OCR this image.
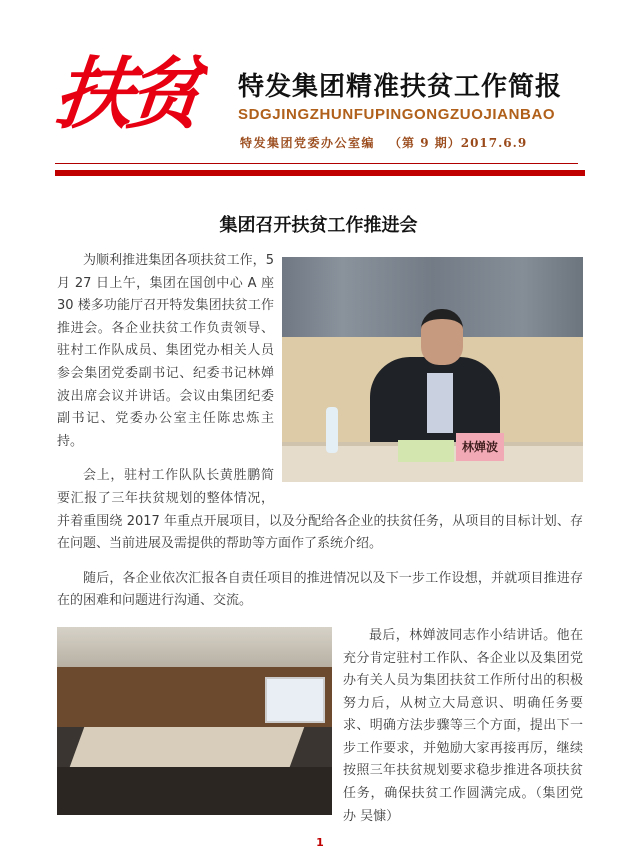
扶贫 特发集团精准扶贫工作简报
SDGJINGZHUNFUPINGONGZUOJIANBAO
特发集团党委办公室编 （第 9 期）2017.6.9
集团召开扶贫工作推进会
林婵波

为顺利推进集团各项扶贫工作，5 月 27 日上午，集团在国创中心 A 座 30 楼多功能厅召开特发集团扶贫工作推进会。各企业扶贫工作负责领导、驻村工作队成员、集团党办相关人员参会集团党委副书记、纪委书记林婵波出席会议并讲话。会议由集团纪委副书记、党委办公室主任陈忠炼主持。

会上，驻村工作队队长黄胜鹏简要汇报了三年扶贫规划的整体情况，并着重围绕 2017 年重点开展项目，以及分配给各企业的扶贫任务，从项目的目标计划、存在问题、当前进展及需提供的帮助等方面作了系统介绍。

随后，各企业依次汇报各自责任项目的推进情况以及下一步工作设想，并就项目推进存在的困难和问题进行沟通、交流。

最后，林婵波同志作小结讲话。他在充分肯定驻村工作队、各企业以及集团党办有关人员为集团扶贫工作所付出的积极努力后，从树立大局意识、明确任务要求、明确方法步骤等三个方面，提出下一步工作要求，并勉励大家再接再厉，继续按照三年扶贫规划要求稳步推进各项扶贫任务，确保扶贫工作圆满完成。（集团党办 吴慷）

1
